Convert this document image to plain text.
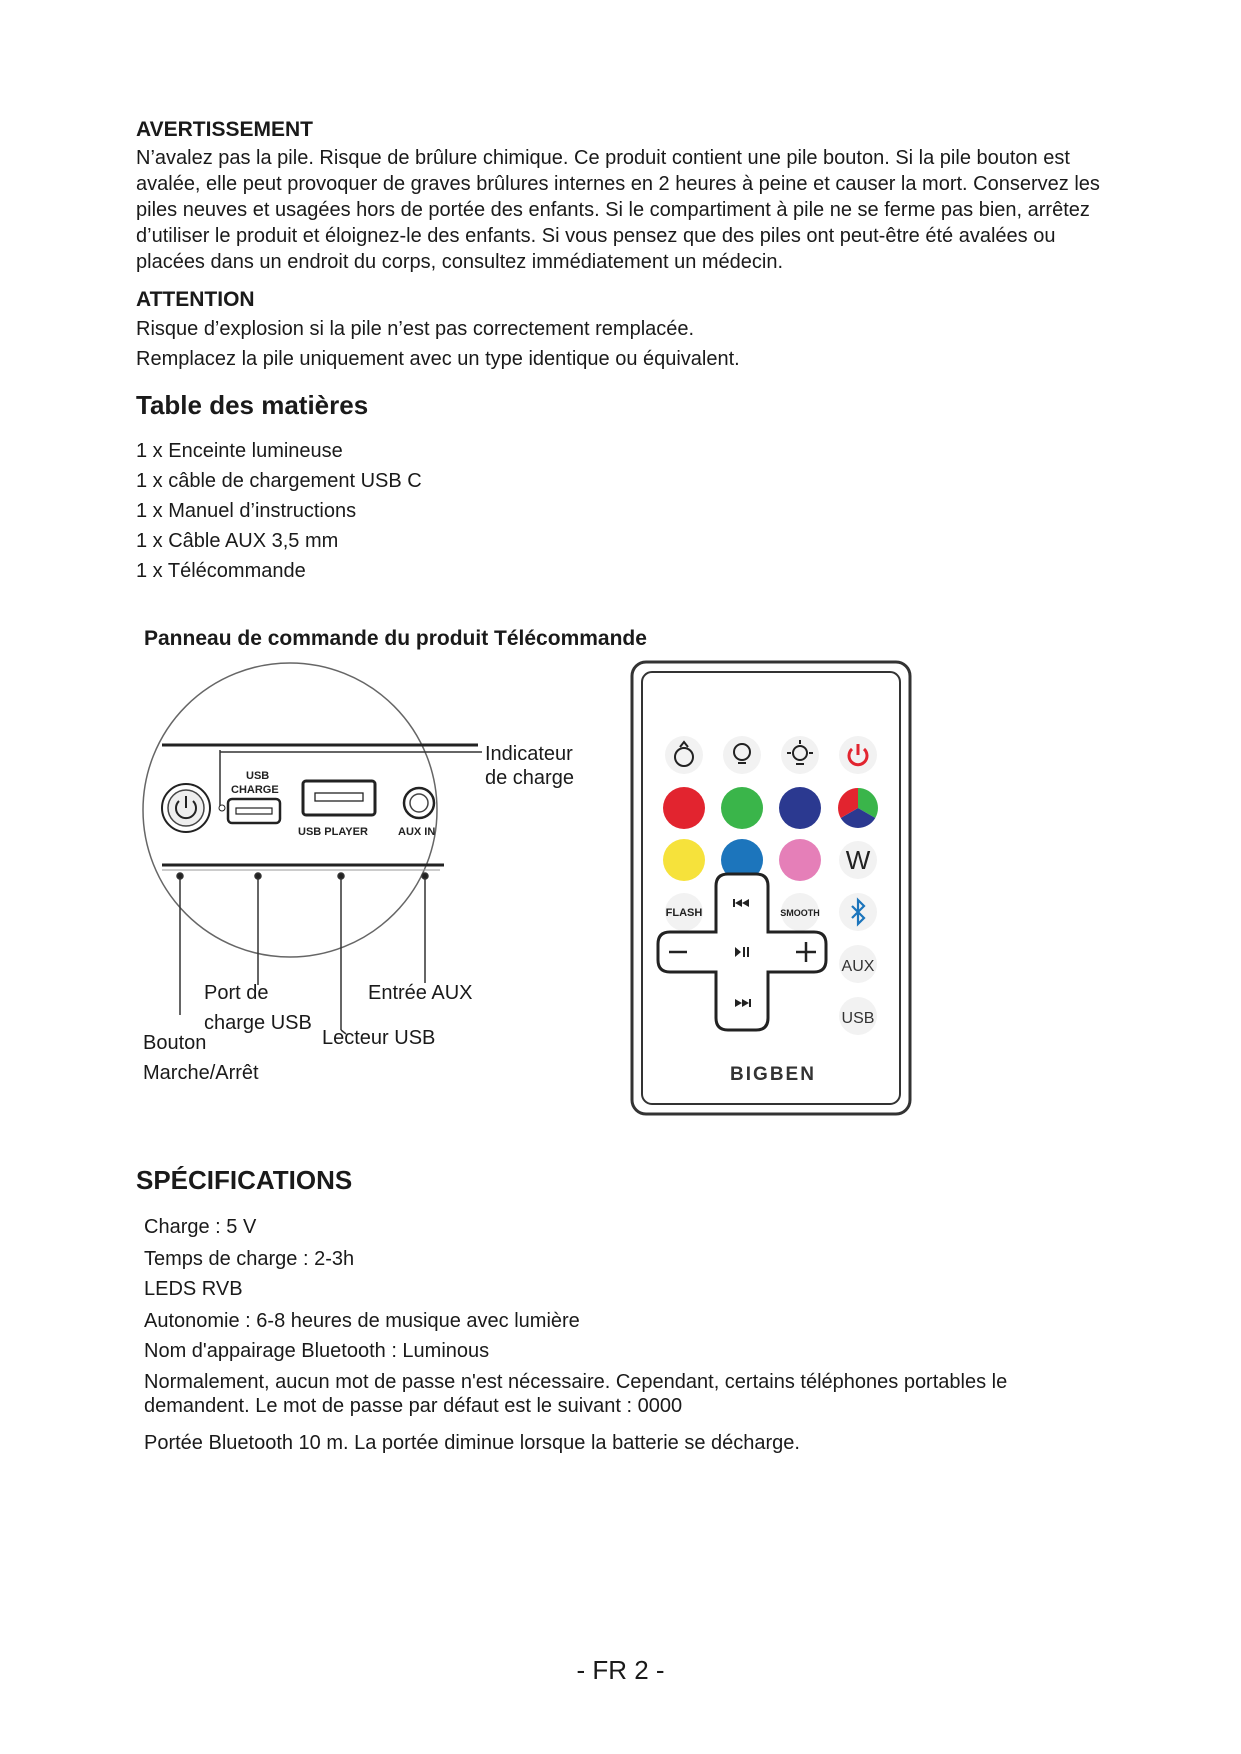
AVERTISSEMENT

N’avalez pas la pile. Risque de brûlure chimique. Ce produit contient une pile bouton. Si la pile bouton est avalée, elle peut provoquer de graves brûlures internes en 2 heures à peine et causer la mort. Conservez les piles neuves et usagées hors de portée des enfants. Si le compartiment à pile ne se ferme pas bien, arrêtez d’utiliser le produit et éloignez-le des enfants. Si vous pensez que des piles ont peut-être été avalées ou placées dans un endroit du corps, consultez immédiatement un médecin.

ATTENTION

Risque d’explosion si la pile n’est pas correctement remplacée.

Remplacez la pile uniquement avec un type identique ou équivalent.

Table des matières
1 x Enceinte lumineuse
1 x câble de chargement USB C
1 x Manuel d’instructions
1 x Câble AUX 3,5 mm
1 x Télécommande
Panneau de commande du produit Télécommande
USB
CHARGE
USB PLAYER	AUX IN
Indicateur
de charge
Port de
charge USB
Entrée AUX
Lecteur USB
Bouton
Marche/Arrêt
W
FLASH	SMOOTH
AUX
USB
BIGBEN
SPÉCIFICATIONS
Charge : 5 V
Temps de charge : 2-3h
LEDS RVB
Autonomie : 6-8 heures de musique avec lumière
Nom d'appairage Bluetooth : Luminous
Normalement, aucun mot de passe n'est nécessaire. Cependant, certains téléphones portables le demandent. Le mot de passe par défaut est le suivant : 0000
Portée Bluetooth 10 m. La portée diminue lorsque la batterie se décharge.
- FR 2 -
